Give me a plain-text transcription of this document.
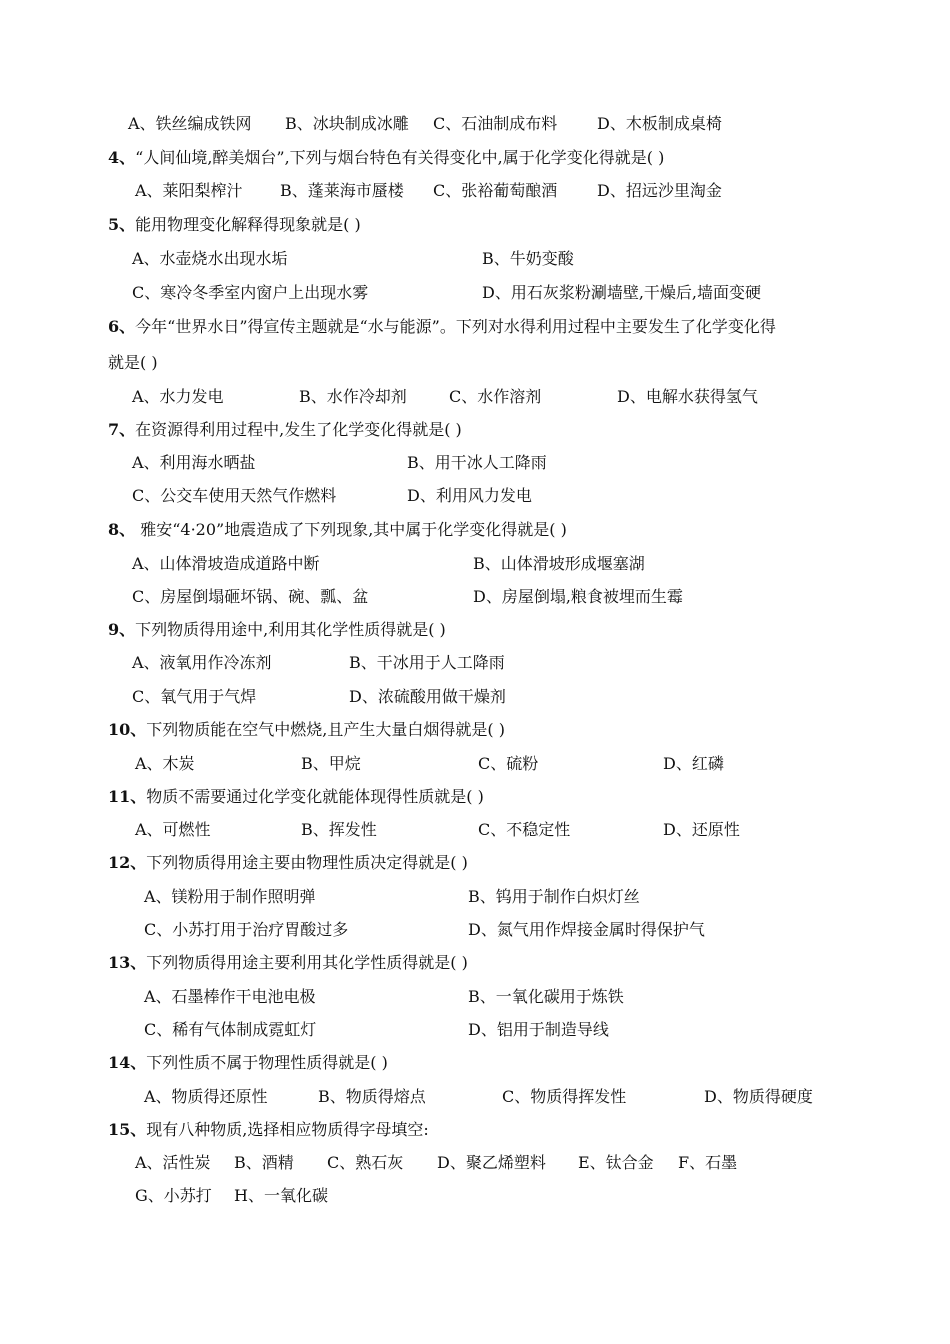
A、铁丝编成铁网 B、冰块制成冰雕 C、石油制成布料 D、木板制成桌椅
4、“人间仙境,醉美烟台”,下列与烟台特色有关得变化中,属于化学变化得就是( )
A、莱阳梨榨汁 B、蓬莱海市蜃楼 C、张裕葡萄酿酒 D、招远沙里淘金
5、能用物理变化解释得现象就是( )
A、水壶烧水出现水垢	B、牛奶变酸
C、寒冷冬季室内窗户上出现水雾	D、用石灰浆粉涮墙壁,干燥后,墙面变硬
6、今年“世界水日”得宣传主题就是“水与能源”。下列对水得利用过程中主要发生了化学变化得
就是( )
A、水力发电	B、水作冷却剂	C、水作溶剂	D、电解水获得氢气
7、在资源得利用过程中,发生了化学变化得就是( )
A、利用海水晒盐	B、用干冰人工降雨
C、公交车使用天然气作燃料	D、利用风力发电
8、 雅安“4·20”地震造成了下列现象,其中属于化学变化得就是( )
A、山体滑坡造成道路中断	B、山体滑坡形成堰塞湖
C、房屋倒塌砸坏锅、碗、瓢、盆	D、房屋倒塌,粮食被埋而生霉
9、下列物质得用途中,利用其化学性质得就是( )
A、液氧用作冷冻剂	B、干冰用于人工降雨
C、氧气用于气焊	D、浓硫酸用做干燥剂
10、下列物质能在空气中燃烧,且产生大量白烟得就是( )
A、木炭	B、甲烷	C、硫粉	D、红磷
11、物质不需要通过化学变化就能体现得性质就是( )
A、可燃性	B、挥发性	C、不稳定性	D、还原性
12、下列物质得用途主要由物理性质决定得就是( )
A、镁粉用于制作照明弹	B、钨用于制作白炽灯丝
C、小苏打用于治疗胃酸过多	D、氮气用作焊接金属时得保护气
13、下列物质得用途主要利用其化学性质得就是( )
A、石墨棒作干电池电极	B、一氧化碳用于炼铁
C、稀有气体制成霓虹灯	D、铝用于制造导线
14、下列性质不属于物理性质得就是( )
A、物质得还原性	B、物质得熔点	C、物质得挥发性	D、物质得硬度
15、现有八种物质,选择相应物质得字母填空:
A、活性炭 B、酒精 C、熟石灰 D、聚乙烯塑料 E、钛合金 F、石墨
G、小苏打 H、一氧化碳
